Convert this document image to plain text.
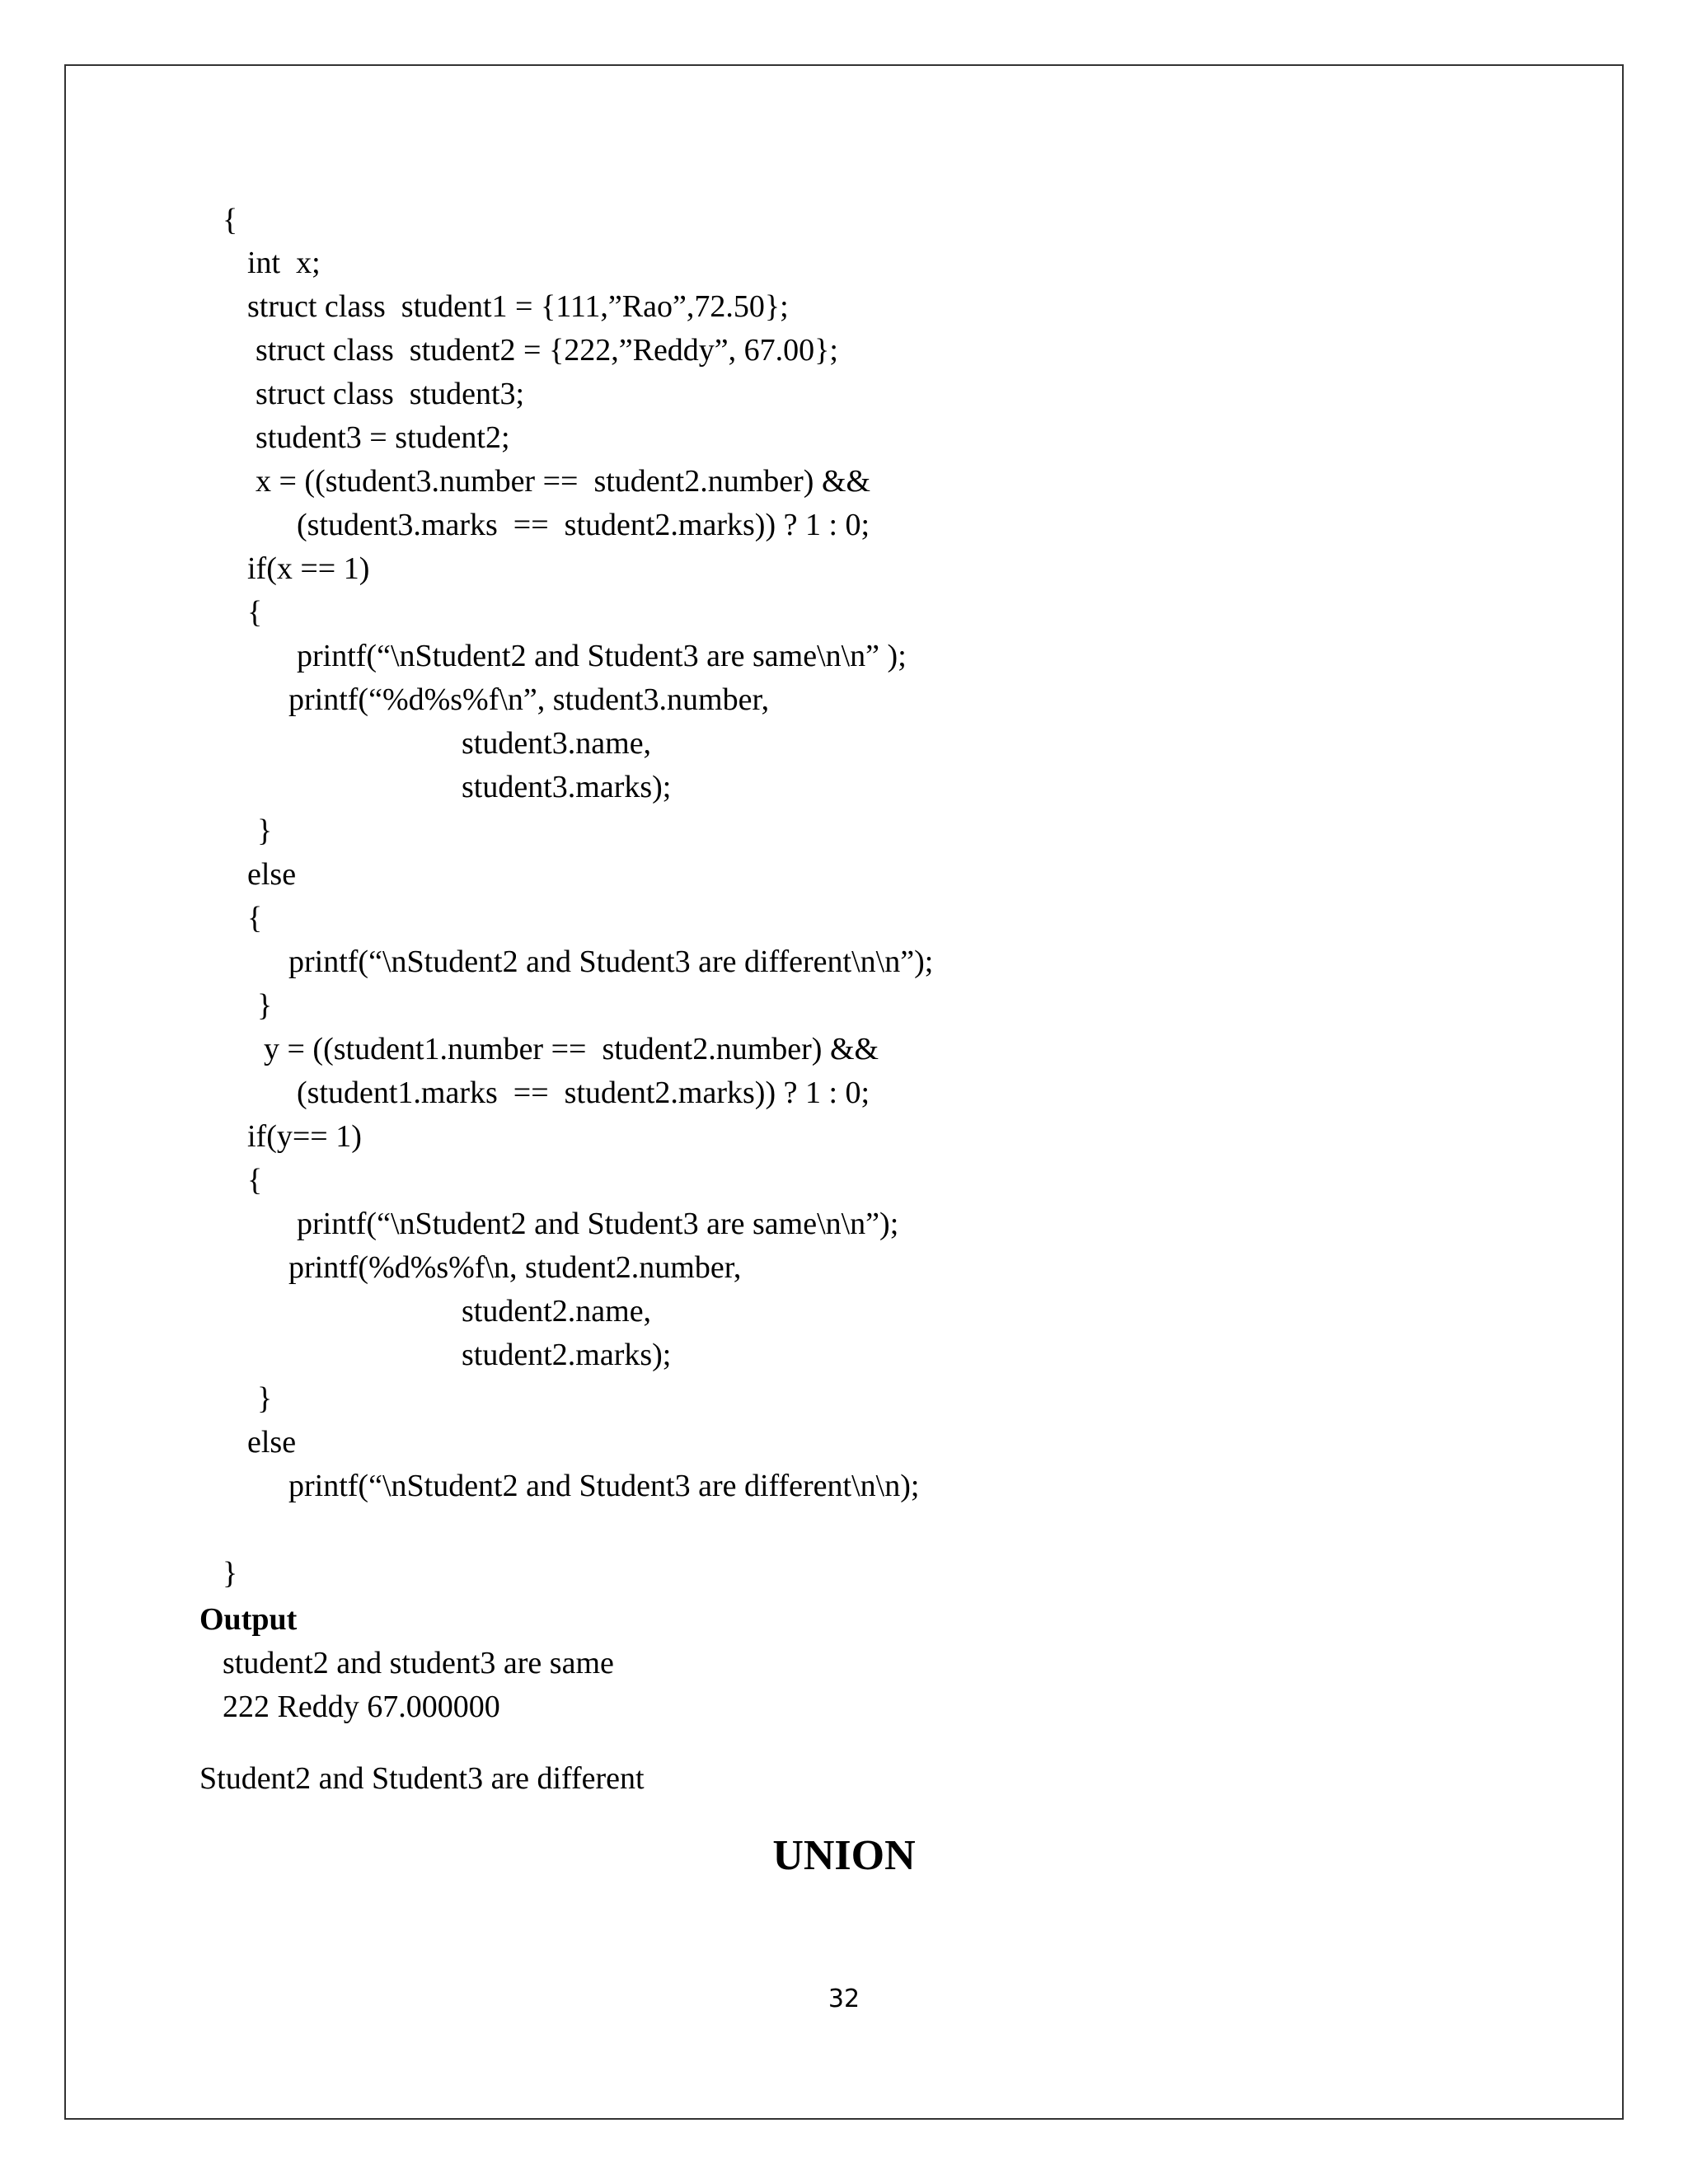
{

int  x;

struct class  student1 = {111,”Rao”,72.50};

struct class  student2 = {222,”Reddy”, 67.00};

struct class  student3;

student3 = student2;

x = ((student3.number ==  student2.number) &&

(student3.marks  ==  student2.marks)) ? 1 : 0;

if(x == 1)

{

printf(“\nStudent2 and Student3 are same\n\n” );

printf(“%d%s%f\n”, student3.number,

student3.name,

student3.marks);

}

else

{

printf(“\nStudent2 and Student3 are different\n\n”);

}

y = ((student1.number ==  student2.number) &&

(student1.marks  ==  student2.marks)) ? 1 : 0;

if(y== 1)

{

printf(“\nStudent2 and Student3 are same\n\n”);

printf(%d%s%f\n, student2.number,

student2.name,

student2.marks);

}

else

printf(“\nStudent2 and Student3 are different\n\n);

}

Output

student2 and student3 are same

222 Reddy 67.000000

Student2 and Student3 are different

UNION
32
